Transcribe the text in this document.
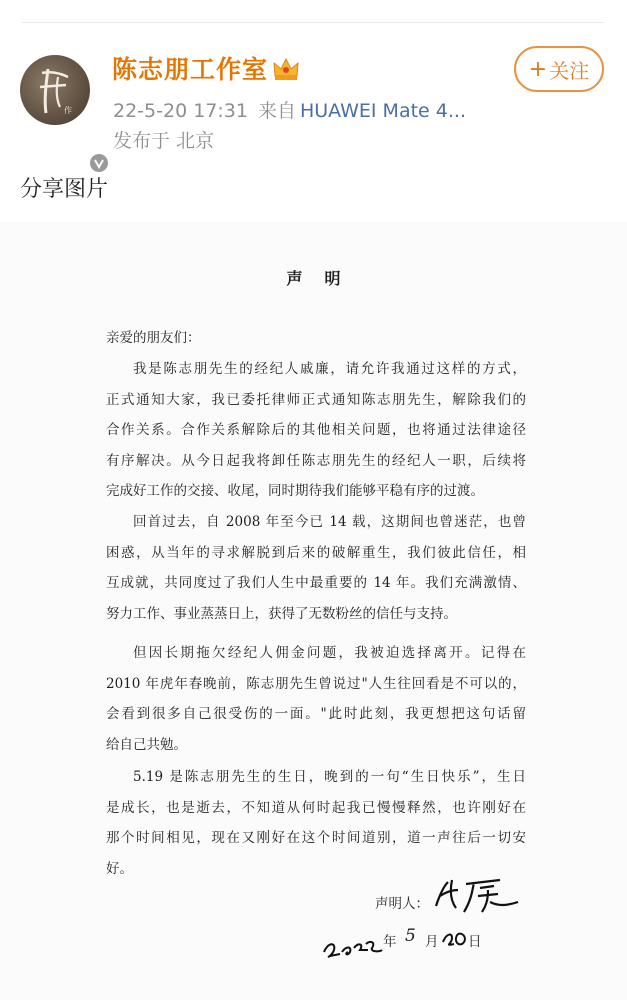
作
陈志朋工作室
22-5-20 17:31 来自 HUAWEI Mate 4...
发布于 北京
+ 关注
分享图片
声明
亲爱的朋友们：
我是陈志朋先生的经纪人戚廉，请允许我通过这样的方式，
正式通知大家，我已委托律师正式通知陈志朋先生，解除我们的
合作关系。合作关系解除后的其他相关问题，也将通过法律途径
有序解决。从今日起我将卸任陈志朋先生的经纪人一职，后续将
完成好工作的交接、收尾，同时期待我们能够平稳有序的过渡。
回首过去，自 2008 年至今已 14 载，这期间也曾迷茫，也曾
困惑，从当年的寻求解脱到后来的破解重生，我们彼此信任，相
互成就，共同度过了我们人生中最重要的 14 年。我们充满激情、
努力工作、事业蒸蒸日上，获得了无数粉丝的信任与支持。
但因长期拖欠经纪人佣金问题，我被迫选择离开。记得在
2010 年虎年春晚前，陈志朋先生曾说过"人生往回看是不可以的，
会看到很多自己很受伤的一面。"此时此刻，我更想把这句话留
给自己共勉。
5.19 是陈志朋先生的生日，晚到的一句“生日快乐”，生日
是成长，也是逝去，不知道从何时起我已慢慢释然，也许刚好在
那个时间相见，现在又刚好在这个时间道别，道一声往后一切安
好。
声明人：
年 5 月 日
